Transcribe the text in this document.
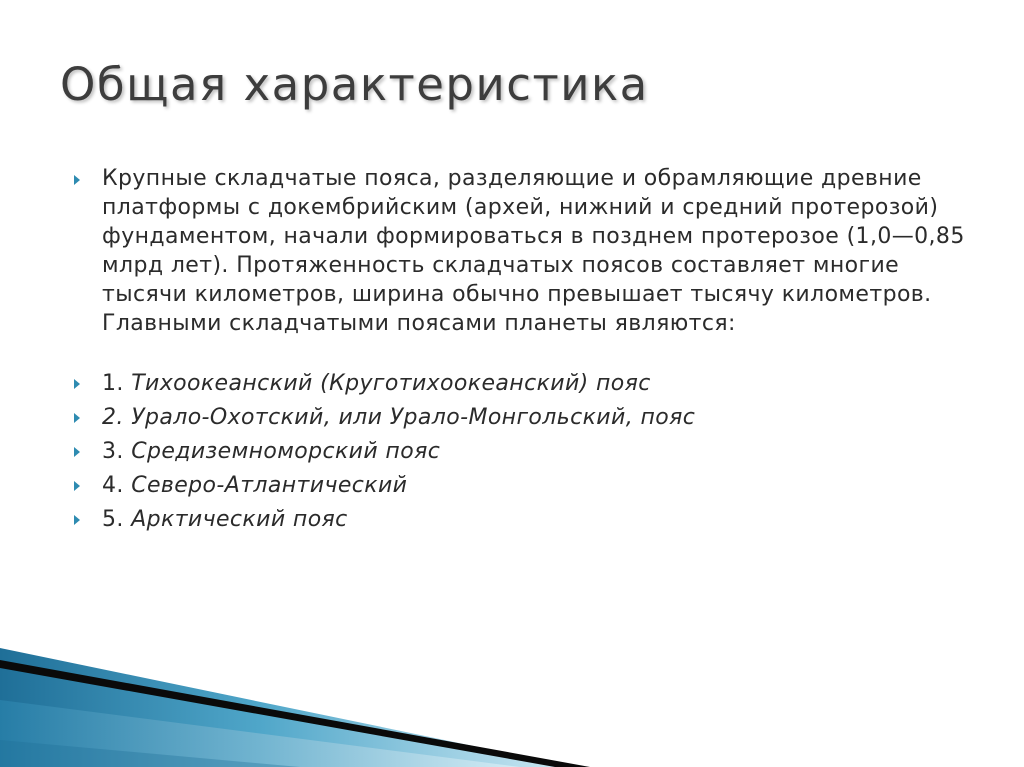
Общая характеристика
Крупные складчатые пояса, разделяющие и обрамляющие древние платформы с докембрийским (архей, нижний и средний протерозой) фундаментом, начали формироваться в позднем протерозое (1,0—0,85 млрд лет). Протяженность складчатых поясов составляет многие тысячи километров, ширина обычно превышает тысячу километров. Главными складчатыми поясами планеты являются:
1. Тихоокеанский (Круготихоокеанский) пояс
2. Урало-Охотский, или Урало-Монгольский, пояс
3. Средиземноморский пояс
4. Северо-Атлантический
5. Арктический пояс
